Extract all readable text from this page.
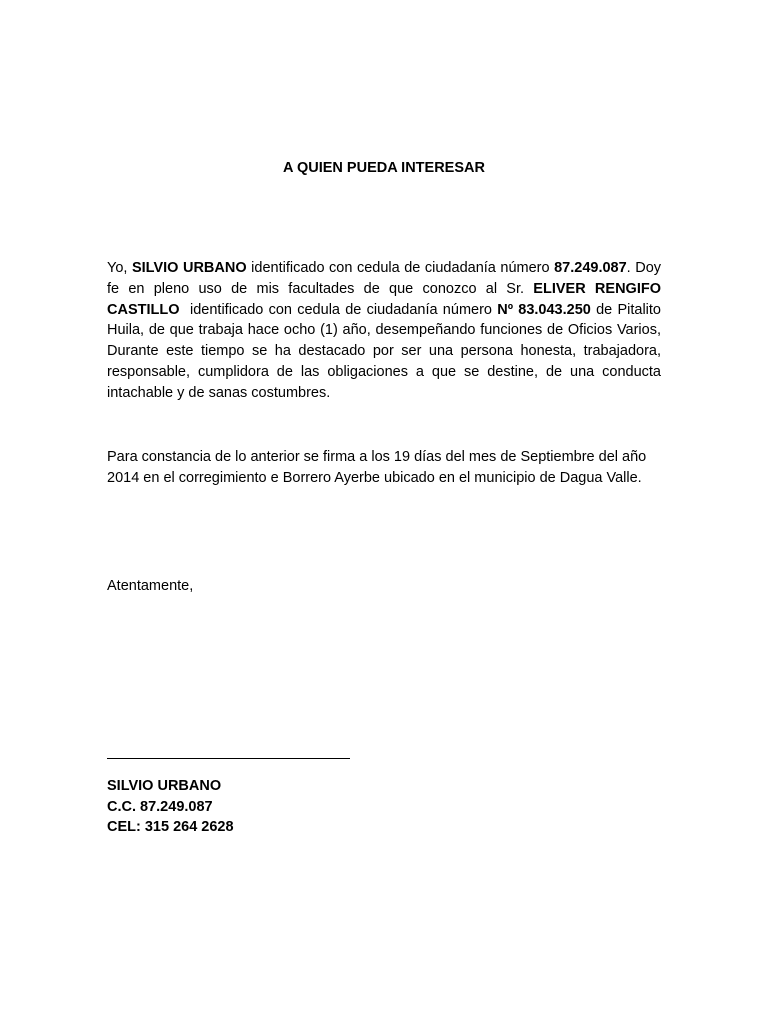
A QUIEN PUEDA INTERESAR
Yo, SILVIO URBANO identificado con cedula de ciudadanía número 87.249.087. Doy fe en pleno uso de mis facultades de que conozco al Sr. ELIVER RENGIFO CASTILLO  identificado con cedula de ciudadanía número Nº 83.043.250 de Pitalito Huila, de que trabaja hace ocho (1) año, desempeñando funciones de Oficios Varios, Durante este tiempo se ha destacado por ser una persona honesta, trabajadora, responsable, cumplidora de las obligaciones a que se destine, de una conducta intachable y de sanas costumbres.
Para constancia de lo anterior se firma a los 19 días del mes de Septiembre del año 2014 en el corregimiento e Borrero Ayerbe ubicado en el municipio de Dagua Valle.
Atentamente,
SILVIO URBANO
C.C. 87.249.087
CEL: 315 264 2628
